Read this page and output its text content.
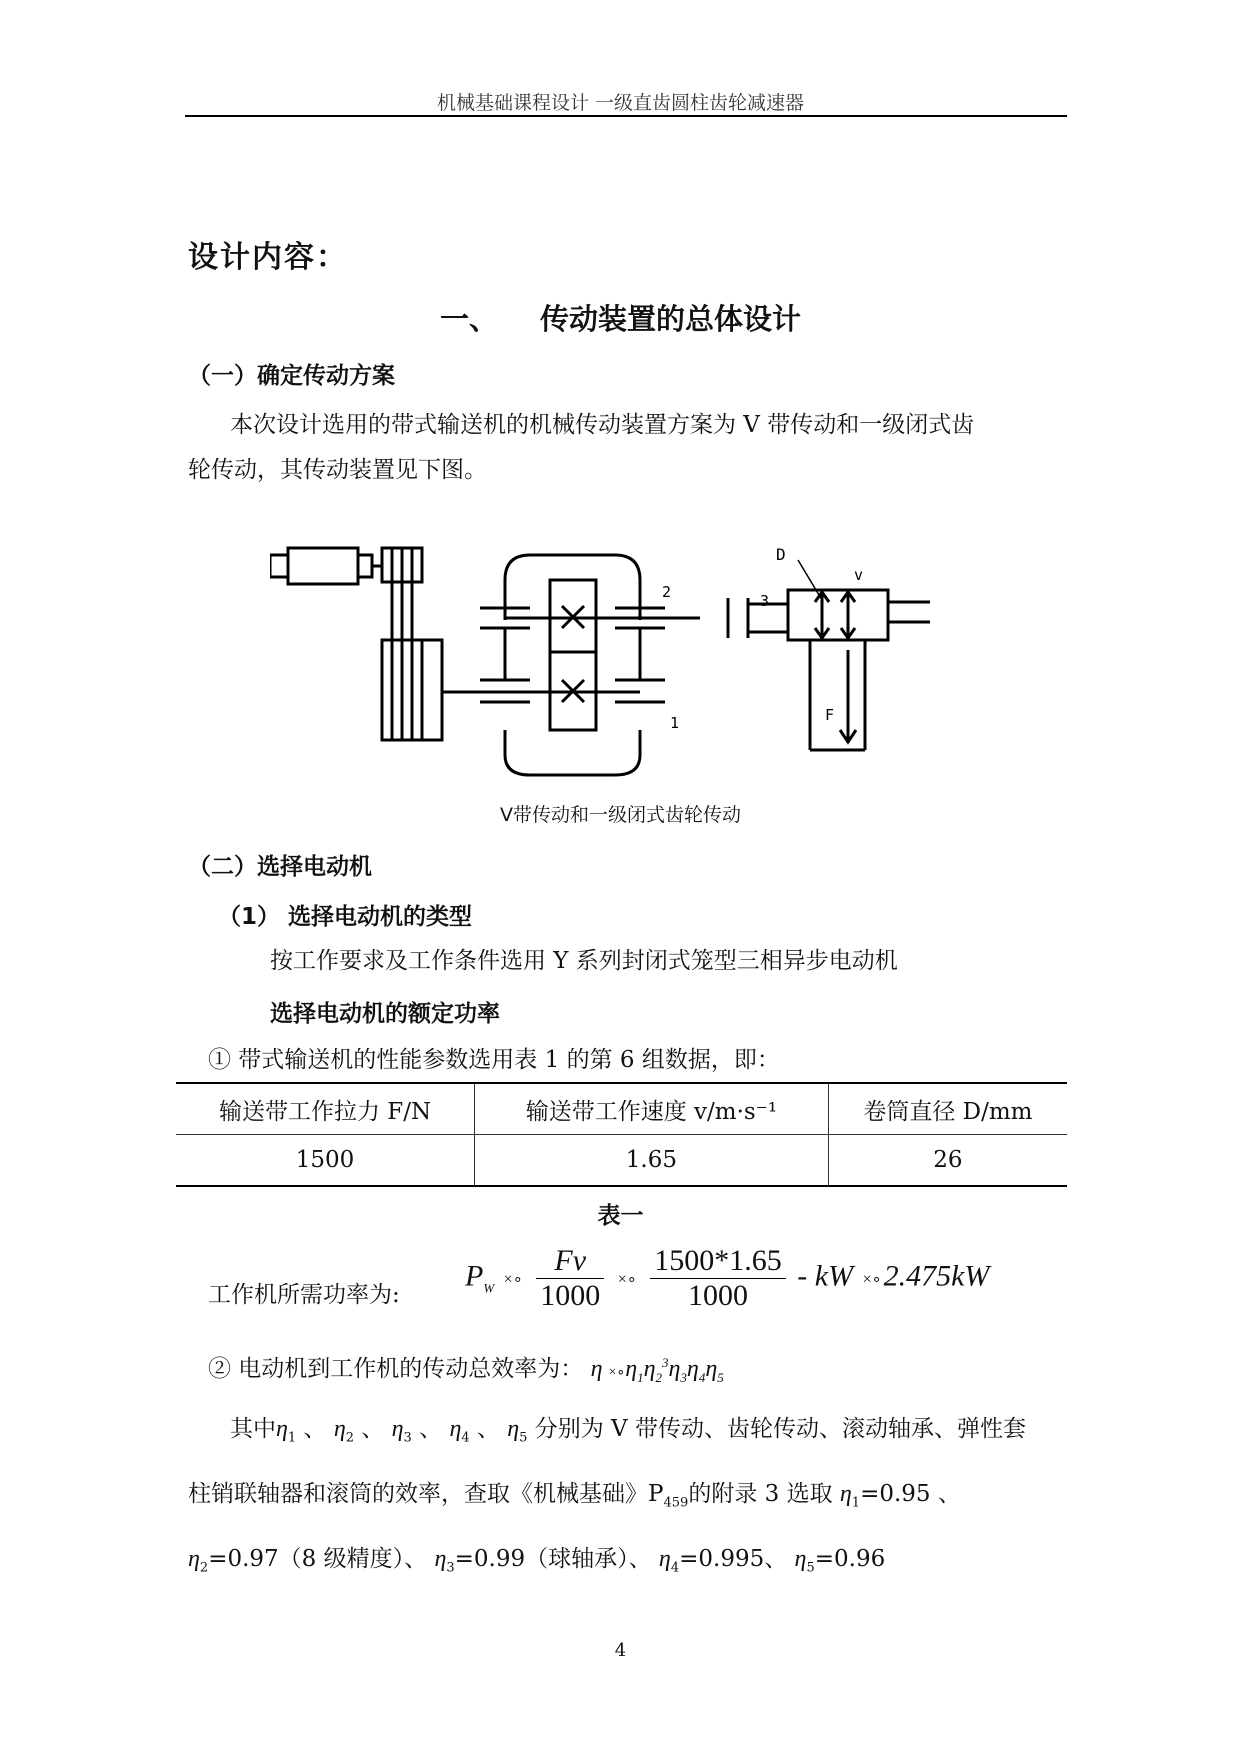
机械基础课程设计 一级直齿圆柱齿轮减速器
设计内容：
一、 传动装置的总体设计
（一）确定传动方案
本次设计选用的带式输送机的机械传动装置方案为 V 带传动和一级闭式齿
轮传动，其传动装置见下图。
D
v
F
1
2	3
V带传动和一级闭式齿轮传动
（二）选择电动机
（1） 选择电动机的类型
按工作要求及工作条件选用 Y 系列封闭式笼型三相异步电动机
选择电动机的额定功率
① 带式输送机的性能参数选用表 1 的第 6 组数据，即：
输送带工作拉力 F/N	输送带工作速度 v/m·s⁻¹	卷筒直径 D/mm
1500	1.65	26
表一
工作机所需功率为:
$P_W$ ×∘ $\frac{Fv}{1000}$ ×∘ $\frac{1500*1.65}{1000}$ - kW ×∘2.475kW
② 电动机到工作机的传动总效率为： $\eta \times\circ\eta_1\eta_2^3\eta_3\eta_4\eta_5$
其中$\eta_1$ 、 $\eta_2$ 、 $\eta_3$ 、 $\eta_4$ 、 $\eta_5$ 分别为 V 带传动、齿轮传动、滚动轴承、弹性套
柱销联轴器和滚筒的效率，查取《机械基础》$P_{459}$的附录 3 选取 $\eta_1=0.95$ 、
$\eta_2=0.97(8$ 级精度）、 $\eta_3=0.99$（球轴承）、 $\eta_4=0.995$、 $\eta_5=0.96$
4
